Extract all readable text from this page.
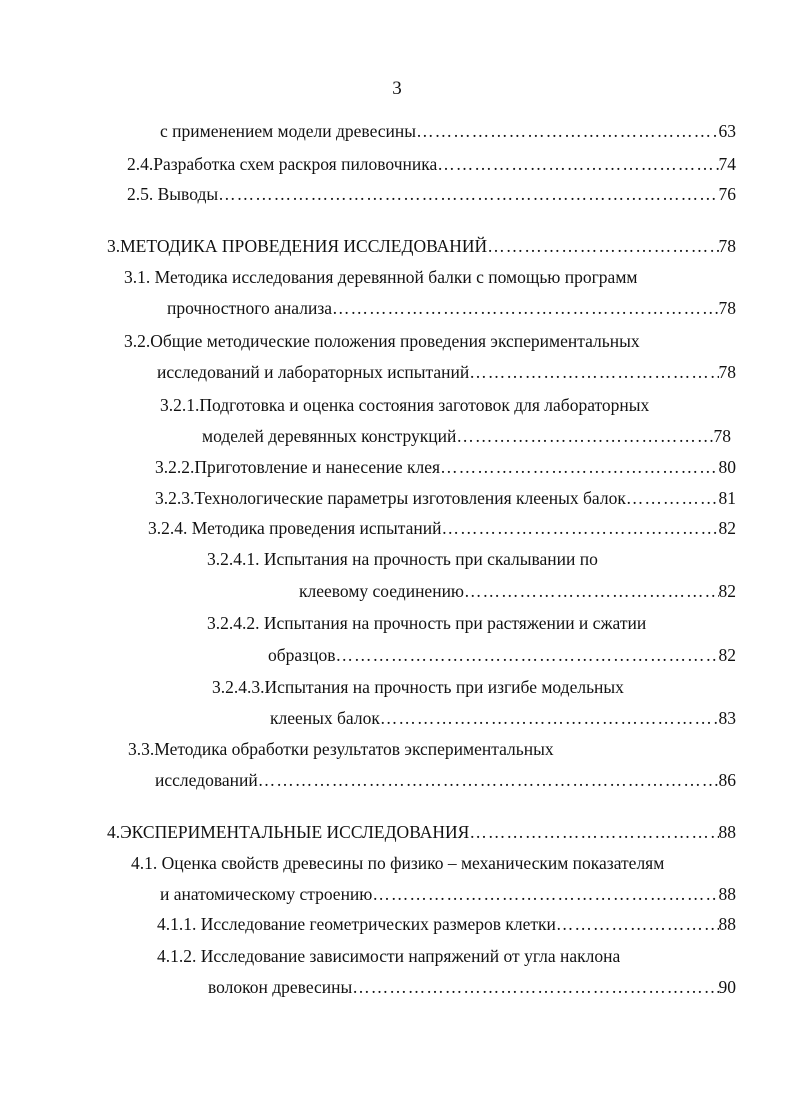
3
с применением модели древесины ……………………………………………………………………………………………………………………………………………………………………………	63
2.4.Разработка схем раскроя пиловочника ……………………………………………………………………………………………………………………………………………………………………………	74
2.5. Выводы ……………………………………………………………………………………………………………………………………………………………………………	76
3.МЕТОДИКА ПРОВЕДЕНИЯ ИССЛЕДОВАНИЙ ……………………………………………………………………………………………………………………………………………………………………………	78
3.1. Методика исследования деревянной балки с помощью программ
прочностного анализа ……………………………………………………………………………………………………………………………………………………………………………	78
3.2.Общие методические положения проведения экспериментальных
исследований и лабораторных испытаний ……………………………………………………………………………………………………………………………………………………………………………	78
3.2.1.Подготовка и оценка состояния заготовок для лабораторных
моделей деревянных конструкций ……………………………………………………………………………………………………………………………………………………………………………	78
3.2.2.Приготовление и нанесение клея ……………………………………………………………………………………………………………………………………………………………………………	80
3.2.3.Технологические параметры изготовления клееных балок ……………………………………………………………………………………………………………………………………………………………………………	81
3.2.4. Методика проведения испытаний ……………………………………………………………………………………………………………………………………………………………………………	82
3.2.4.1. Испытания на прочность при скалывании по
клеевому соединению ……………………………………………………………………………………………………………………………………………………………………………	82
3.2.4.2. Испытания на прочность при растяжении и сжатии
образцов ……………………………………………………………………………………………………………………………………………………………………………	82
3.2.4.3.Испытания на прочность при изгибе модельных
клееных балок ……………………………………………………………………………………………………………………………………………………………………………	83
3.3.Методика обработки результатов экспериментальных
исследований ……………………………………………………………………………………………………………………………………………………………………………	86
4.ЭКСПЕРИМЕНТАЛЬНЫЕ ИССЛЕДОВАНИЯ ……………………………………………………………………………………………………………………………………………………………………………	88
4.1. Оценка свойств древесины по физико – механическим показателям
и анатомическому строению ……………………………………………………………………………………………………………………………………………………………………………	88
4.1.1. Исследование геометрических размеров клетки ……………………………………………………………………………………………………………………………………………………………………………	88
4.1.2. Исследование зависимости напряжений от угла наклона
волокон древесины ……………………………………………………………………………………………………………………………………………………………………………	90
